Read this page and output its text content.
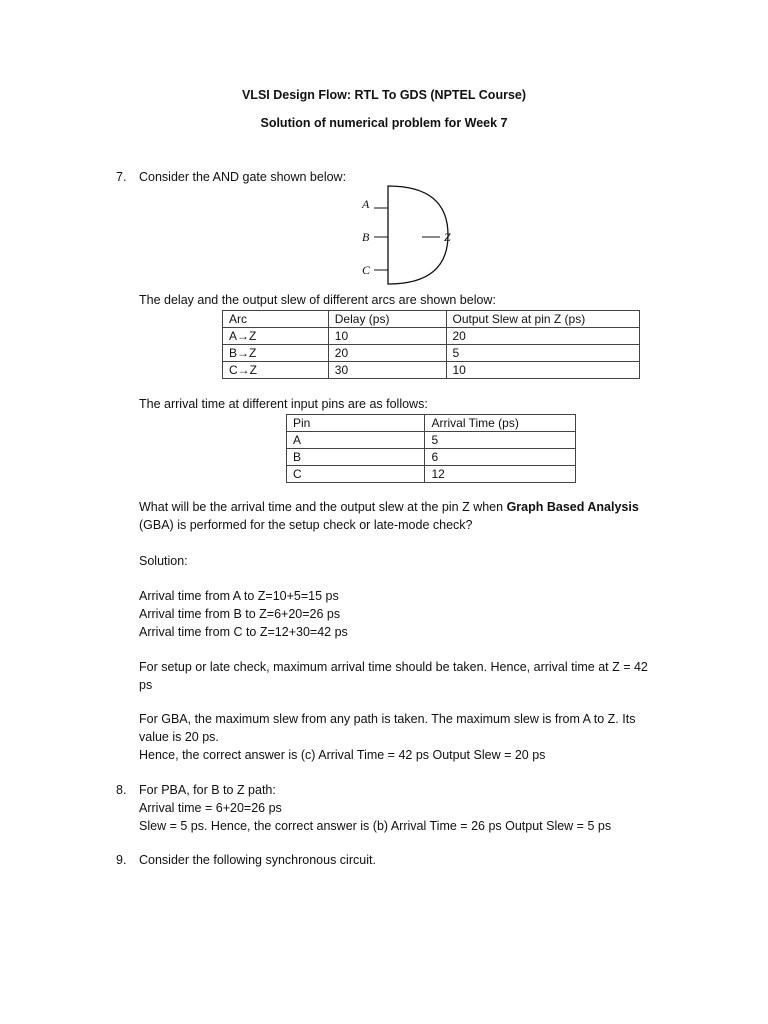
VLSI Design Flow: RTL To GDS (NPTEL Course)
Solution of numerical problem for Week 7
7. Consider the AND gate shown below:
A
B
C
Z
The delay and the output slew of different arcs are shown below:
Arc	Delay (ps)	Output Slew at pin Z (ps)
A→Z	10	20
B→Z	20	5
C→Z	30	10
The arrival time at different input pins are as follows:
Pin	Arrival Time (ps)
A	5
B	6
C	12
What will be the arrival time and the output slew at the pin Z when Graph Based Analysis
(GBA) is performed for the setup check or late-mode check?
Solution:
Arrival time from A to Z=10+5=15 ps
Arrival time from B to Z=6+20=26 ps
Arrival time from C to Z=12+30=42 ps
For setup or late check, maximum arrival time should be taken. Hence, arrival time at Z = 42
ps
For GBA, the maximum slew from any path is taken. The maximum slew is from A to Z. Its
value is 20 ps.
Hence, the correct answer is (c) Arrival Time = 42 ps Output Slew = 20 ps
8. For PBA, for B to Z path:
Arrival time = 6+20=26 ps
Slew = 5 ps. Hence, the correct answer is (b) Arrival Time = 26 ps Output Slew = 5 ps
9. Consider the following synchronous circuit.
